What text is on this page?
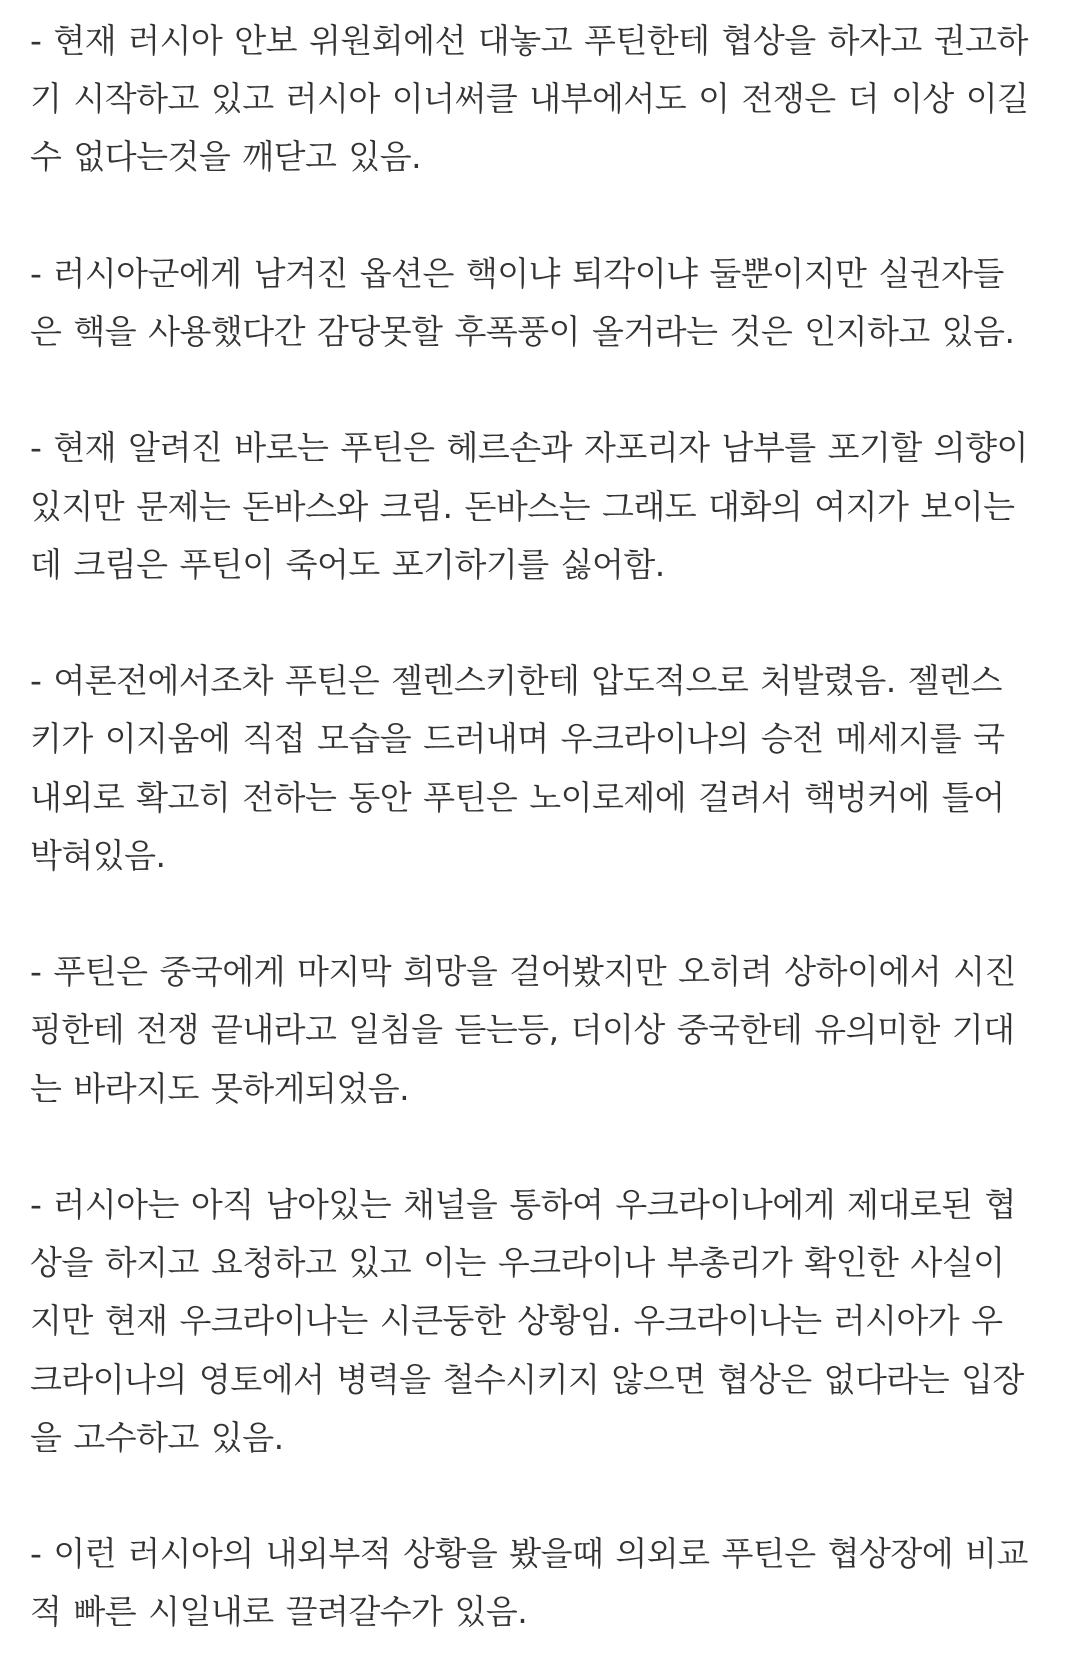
- 현재 러시아 안보 위원회에선 대놓고 푸틴한테 협상을 하자고 권고하
기 시작하고 있고 러시아 이너써클 내부에서도 이 전쟁은 더 이상 이길
수 없다는것을 깨닫고 있음.
- 러시아군에게 남겨진 옵션은 핵이냐 퇴각이냐 둘뿐이지만 실권자들
은 핵을 사용했다간 감당못할 후폭풍이 올거라는 것은 인지하고 있음.
- 현재 알려진 바로는 푸틴은 헤르손과 자포리자 남부를 포기할 의향이
있지만 문제는 돈바스와 크림. 돈바스는 그래도 대화의 여지가 보이는
데 크림은 푸틴이 죽어도 포기하기를 싫어함.
- 여론전에서조차 푸틴은 젤렌스키한테 압도적으로 처발렸음. 젤렌스
키가 이지움에 직접 모습을 드러내며 우크라이나의 승전 메세지를 국
내외로 확고히 전하는 동안 푸틴은 노이로제에 걸려서 핵벙커에 틀어
박혀있음.
- 푸틴은 중국에게 마지막 희망을 걸어봤지만 오히려 상하이에서 시진
핑한테 전쟁 끝내라고 일침을 듣는등, 더이상 중국한테 유의미한 기대
는 바라지도 못하게되었음.
- 러시아는 아직 남아있는 채널을 통하여 우크라이나에게 제대로된 협
상을 하지고 요청하고 있고 이는 우크라이나 부총리가 확인한 사실이
지만 현재 우크라이나는 시큰둥한 상황임. 우크라이나는 러시아가 우
크라이나의 영토에서 병력을 철수시키지 않으면 협상은 없다라는 입장
을 고수하고 있음.
- 이런 러시아의 내외부적 상황을 봤을때 의외로 푸틴은 협상장에 비교
적 빠른 시일내로 끌려갈수가 있음.
